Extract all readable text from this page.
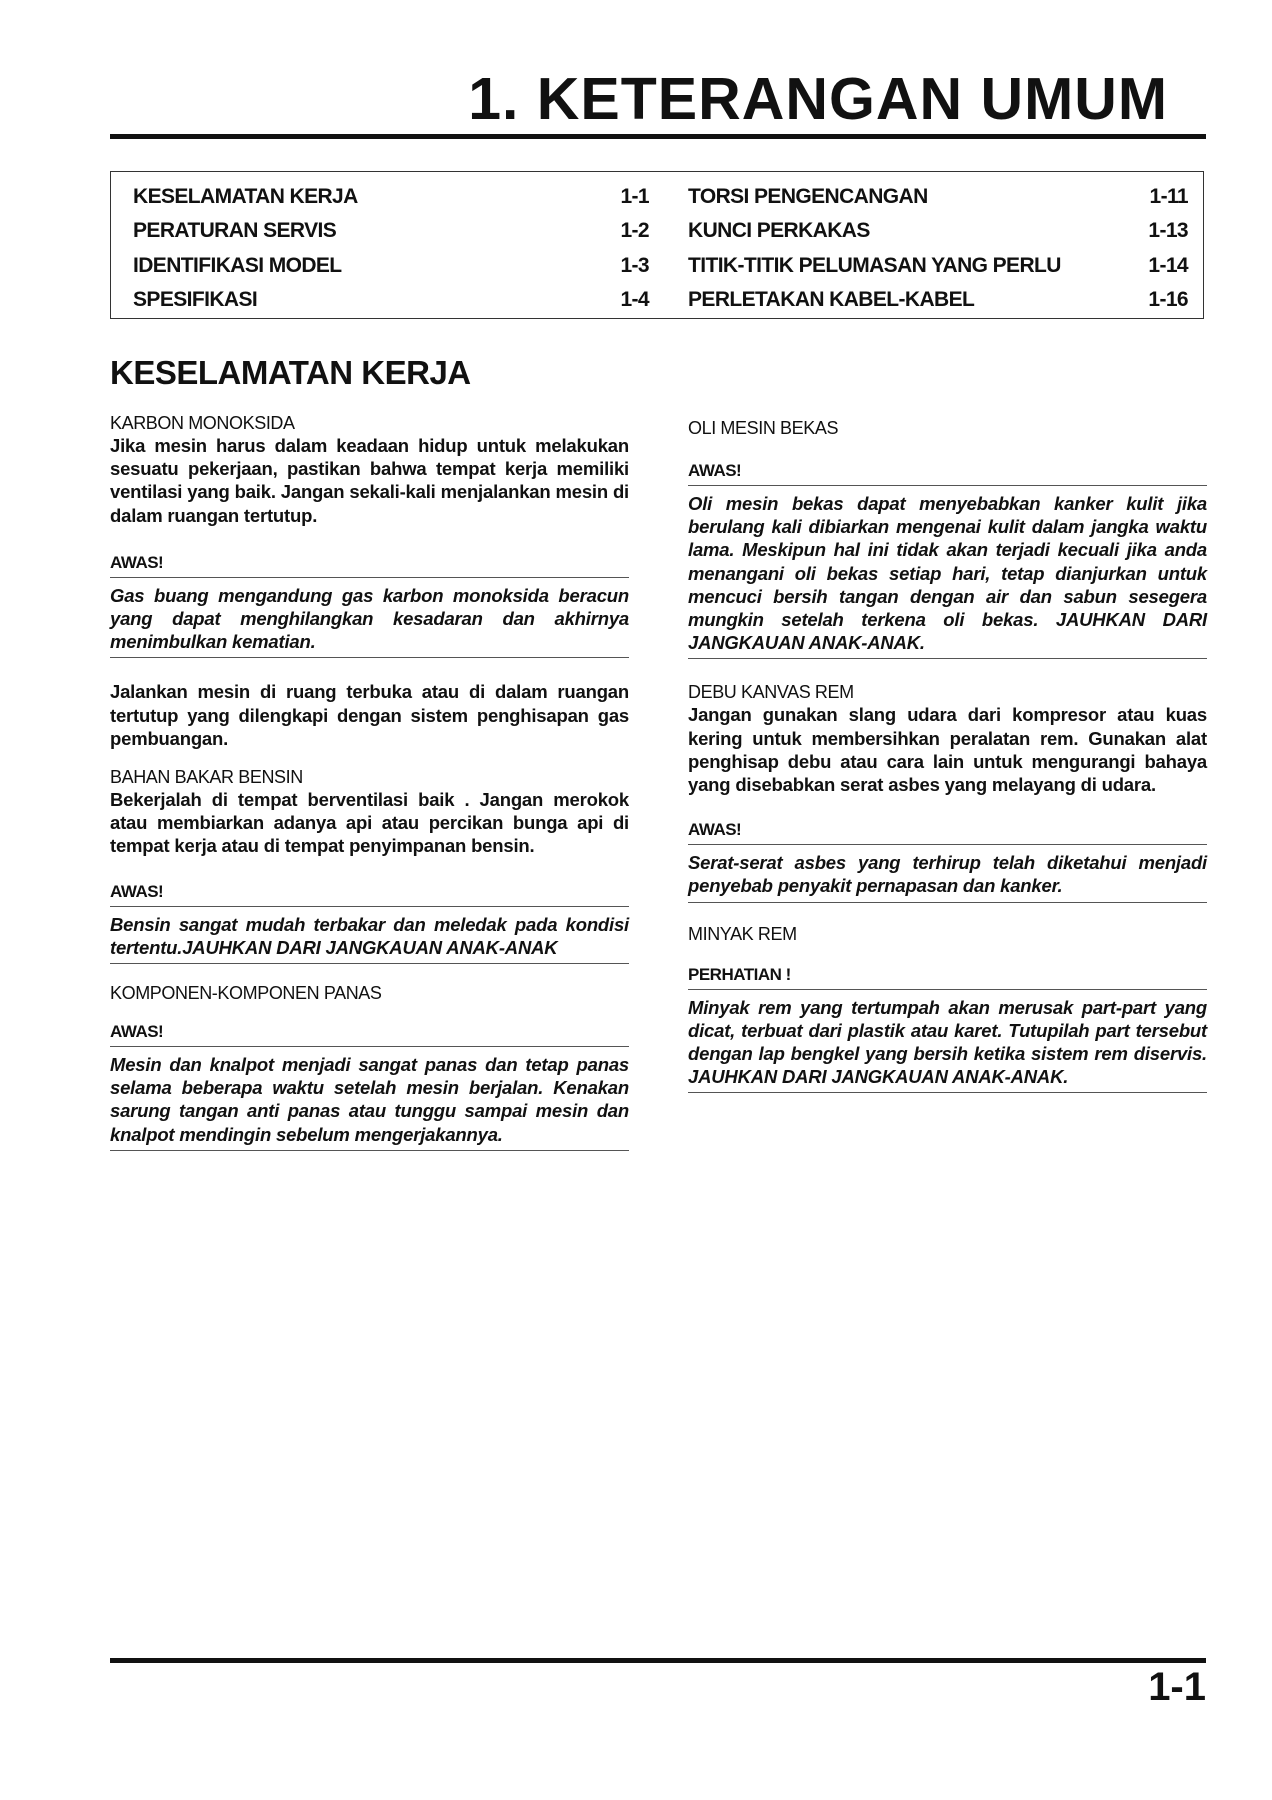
1. KETERANGAN UMUM
KESELAMATAN KERJA	1-1
PERATURAN SERVIS	1-2
IDENTIFIKASI MODEL	1-3
SPESIFIKASI	1-4
TORSI PENGENCANGAN	1-11
KUNCI PERKAKAS	1-13
TITIK-TITIK PELUMASAN YANG PERLU	1-14
PERLETAKAN KABEL-KABEL	1-16
KESELAMATAN KERJA

KARBON MONOKSIDA

Jika mesin harus dalam keadaan hidup untuk melakukan sesuatu pekerjaan, pastikan bahwa tempat kerja memiliki ventilasi yang baik. Jangan sekali-kali menjalankan mesin di dalam ruangan tertutup.

AWAS!
Gas buang mengandung gas karbon monoksida beracun yang dapat menghilangkan kesadaran dan akhirnya menimbulkan kematian.

Jalankan mesin di ruang terbuka atau di dalam ruangan tertutup yang dilengkapi dengan sistem penghisapan gas pembuangan.

BAHAN BAKAR BENSIN

Bekerjalah di tempat berventilasi baik . Jangan merokok atau membiarkan adanya api atau percikan bunga api di tempat kerja atau di tempat penyimpanan bensin.

AWAS!
Bensin sangat mudah terbakar dan meledak pada kondisi tertentu.JAUHKAN DARI JANGKAUAN ANAK-ANAK

KOMPONEN-KOMPONEN PANAS

AWAS!
Mesin dan knalpot menjadi sangat panas dan tetap panas selama beberapa waktu setelah mesin berjalan. Kenakan sarung tangan anti panas atau tunggu sampai mesin dan knalpot mendingin sebelum mengerjakannya.

OLI MESIN BEKAS

AWAS!
Oli mesin bekas dapat menyebabkan kanker kulit jika berulang kali dibiarkan mengenai kulit dalam jangka waktu lama. Meskipun hal ini tidak akan terjadi kecuali jika anda menangani oli bekas setiap hari, tetap dianjurkan untuk mencuci bersih tangan dengan air dan sabun sesegera mungkin setelah terkena oli bekas. JAUHKAN DARI JANGKAUAN ANAK-ANAK.

DEBU KANVAS REM

Jangan gunakan slang udara dari kompresor atau kuas kering untuk membersihkan peralatan rem. Gunakan alat penghisap debu atau cara lain untuk mengurangi bahaya yang disebabkan serat asbes yang melayang di udara.

AWAS!
Serat-serat asbes yang terhirup telah diketahui menjadi penyebab penyakit pernapasan dan kanker.

MINYAK REM

PERHATIAN !
Minyak rem yang tertumpah akan merusak part-part yang dicat, terbuat dari plastik atau karet. Tutupilah part tersebut dengan lap bengkel yang bersih ketika sistem rem diservis. JAUHKAN DARI JANGKAUAN ANAK-ANAK.

1-1
